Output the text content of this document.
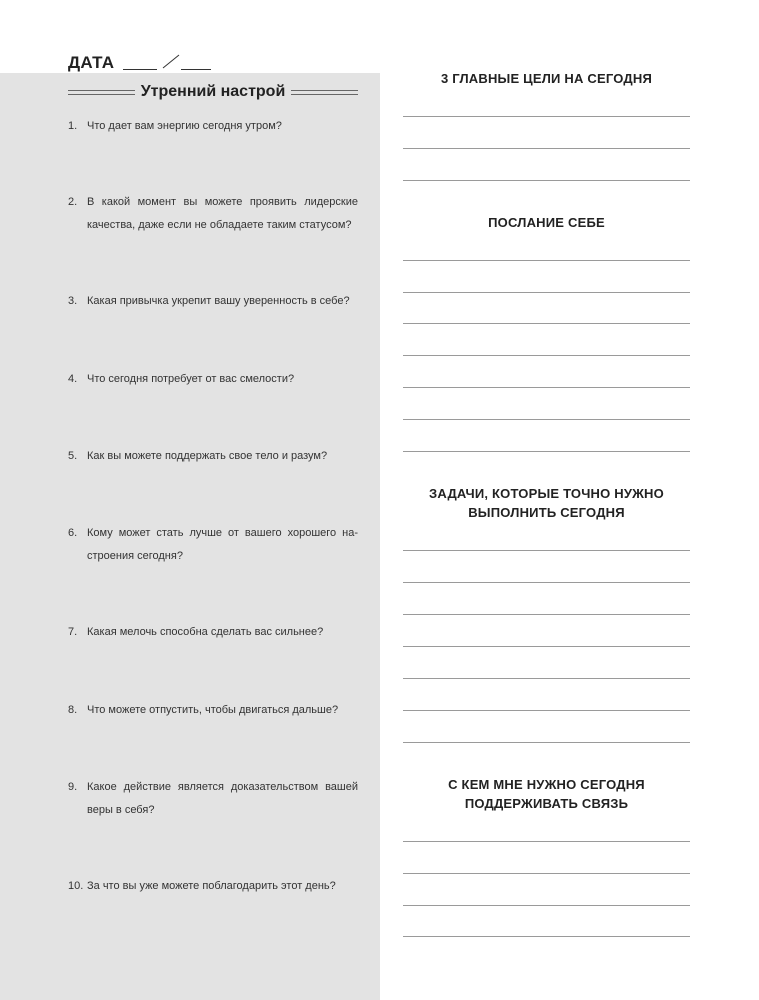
ДАТА
Утренний настрой
1. Что дает вам энергию сегодня утром?
2. В какой момент вы можете проявить лидерские качества, даже если не обладаете таким статусом?
3. Какая привычка укрепит вашу уверенность в себе?
4. Что сегодня потребует от вас смелости?
5. Как вы можете поддержать свое тело и разум?
6. Кому может стать лучше от вашего хорошего на-строения сегодня?
7. Какая мелочь способна сделать вас сильнее?
8. Что можете отпустить, чтобы двигаться дальше?
9. Какое действие является доказательством вашей веры в себя?
10. За что вы уже можете поблагодарить этот день?
3 ГЛАВНЫЕ ЦЕЛИ НА СЕГОДНЯ
ПОСЛАНИЕ СЕБЕ
ЗАДАЧИ, КОТОРЫЕ ТОЧНО НУЖНО
ВЫПОЛНИТЬ СЕГОДНЯ
С КЕМ МНЕ НУЖНО СЕГОДНЯ
ПОДДЕРЖИВАТЬ СВЯЗЬ
